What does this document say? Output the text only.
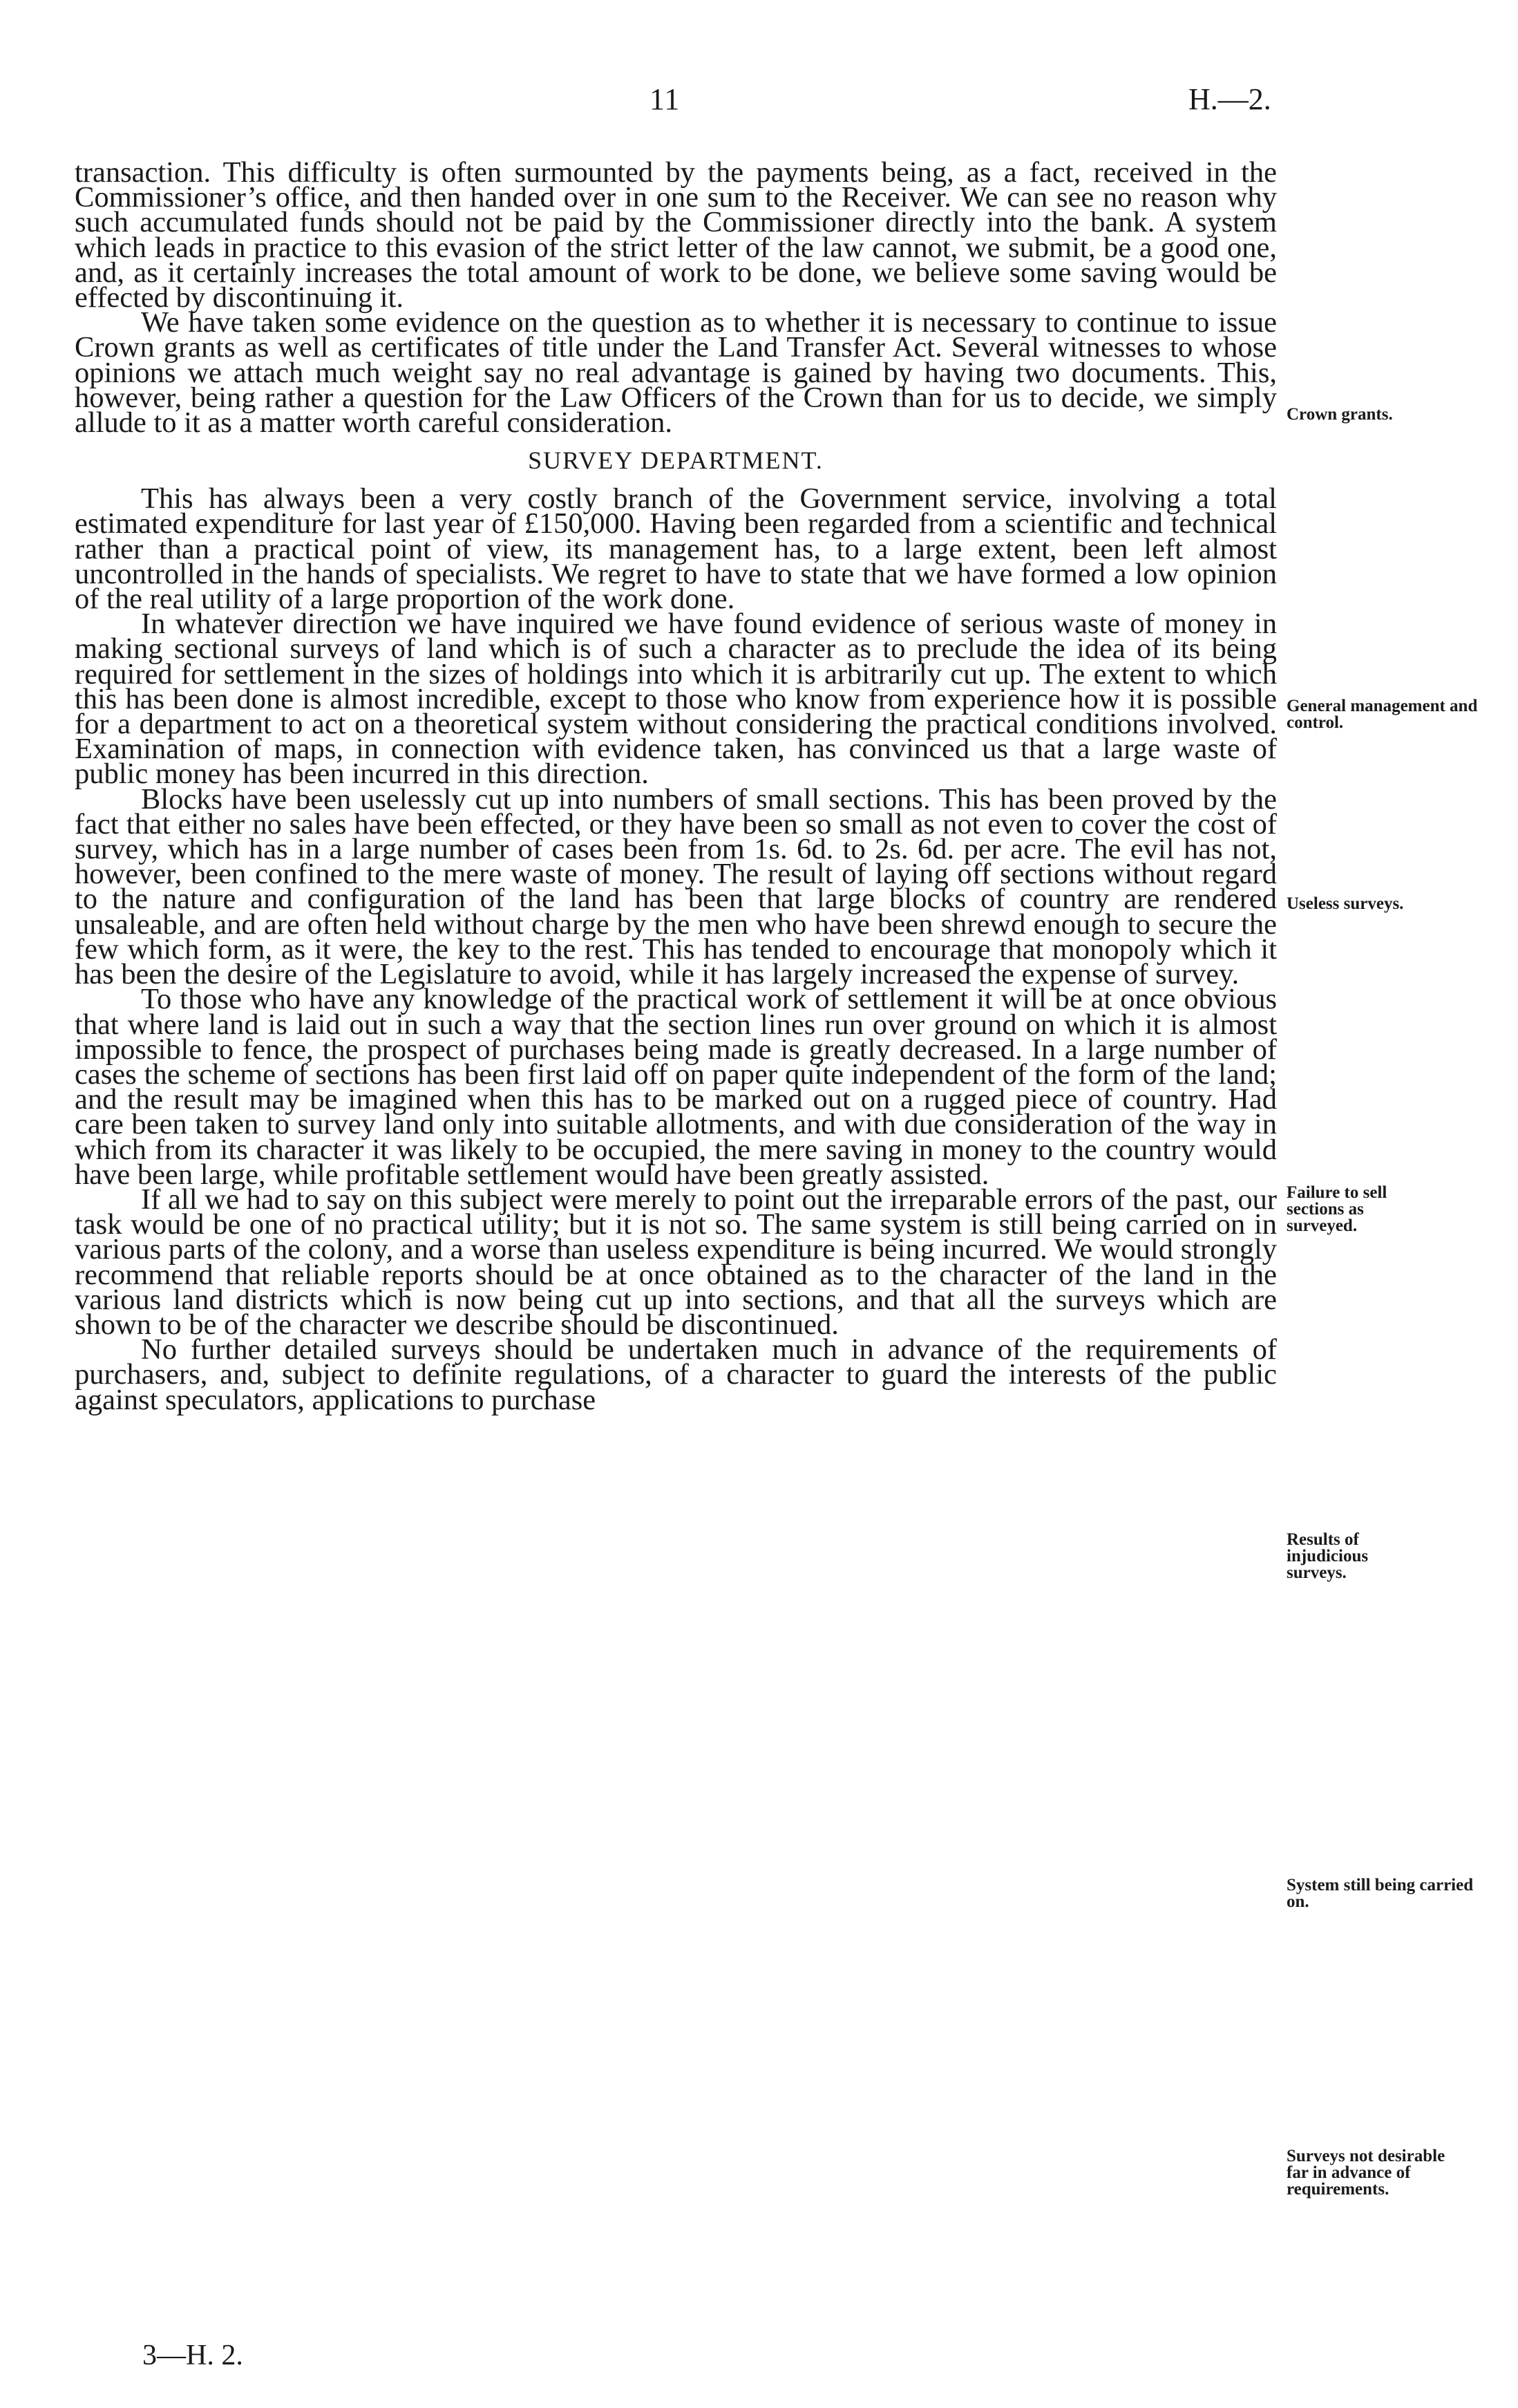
11	H.—2.

transaction. This difficulty is often surmounted by the payments being, as a fact, received in the Commissioner’s office, and then handed over in one sum to the Receiver. We can see no reason why such accumulated funds should not be paid by the Commissioner directly into the bank. A system which leads in practice to this evasion of the strict letter of the law cannot, we submit, be a good one, and, as it certainly increases the total amount of work to be done, we believe some saving would be effected by discontinuing it.

We have taken some evidence on the question as to whether it is necessary to continue to issue Crown grants as well as certificates of title under the Land Transfer Act. Several witnesses to whose opinions we attach much weight say no real advantage is gained by having two documents. This, however, being rather a question for the Law Officers of the Crown than for us to decide, we simply allude to it as a matter worth careful consideration.

SURVEY DEPARTMENT.

This has always been a very costly branch of the Government service, involving a total estimated expenditure for last year of £150,000. Having been regarded from a scientific and technical rather than a practical point of view, its management has, to a large extent, been left almost uncontrolled in the hands of specialists. We regret to have to state that we have formed a low opinion of the real utility of a large proportion of the work done.

In whatever direction we have inquired we have found evidence of serious waste of money in making sectional surveys of land which is of such a character as to preclude the idea of its being required for settlement in the sizes of holdings into which it is arbitrarily cut up. The extent to which this has been done is almost incredible, except to those who know from experience how it is possible for a department to act on a theoretical system without considering the practical conditions involved. Examination of maps, in connection with evidence taken, has convinced us that a large waste of public money has been incurred in this direction.

Blocks have been uselessly cut up into numbers of small sections. This has been proved by the fact that either no sales have been effected, or they have been so small as not even to cover the cost of survey, which has in a large number of cases been from 1s. 6d. to 2s. 6d. per acre. The evil has not, however, been confined to the mere waste of money. The result of laying off sections without regard to the nature and configuration of the land has been that large blocks of country are rendered unsaleable, and are often held without charge by the men who have been shrewd enough to secure the few which form, as it were, the key to the rest. This has tended to encourage that monopoly which it has been the desire of the Legislature to avoid, while it has largely increased the expense of survey.

To those who have any knowledge of the practical work of settlement it will be at once obvious that where land is laid out in such a way that the section lines run over ground on which it is almost impossible to fence, the prospect of purchases being made is greatly decreased. In a large number of cases the scheme of sections has been first laid off on paper quite independent of the form of the land; and the result may be imagined when this has to be marked out on a rugged piece of country. Had care been taken to survey land only into suitable allotments, and with due consideration of the way in which from its character it was likely to be occupied, the mere saving in money to the country would have been large, while profitable settlement would have been greatly assisted.

If all we had to say on this subject were merely to point out the irreparable errors of the past, our task would be one of no practical utility; but it is not so. The same system is still being carried on in various parts of the colony, and a worse than useless expenditure is being incurred. We would strongly recommend that reliable reports should be at once obtained as to the character of the land in the various land districts which is now being cut up into sections, and that all the surveys which are shown to be of the character we describe should be discontinued.

No further detailed surveys should be undertaken much in advance of the requirements of purchasers, and, subject to definite regulations, of a character to guard the interests of the public against speculators, applications to purchase

Crown grants.
General management and control.
Useless surveys.
Failure to sell sections as surveyed.
Results of injudicious surveys.
System still being carried on.
Surveys not desirable far in advance of requirements.
3—H. 2.
